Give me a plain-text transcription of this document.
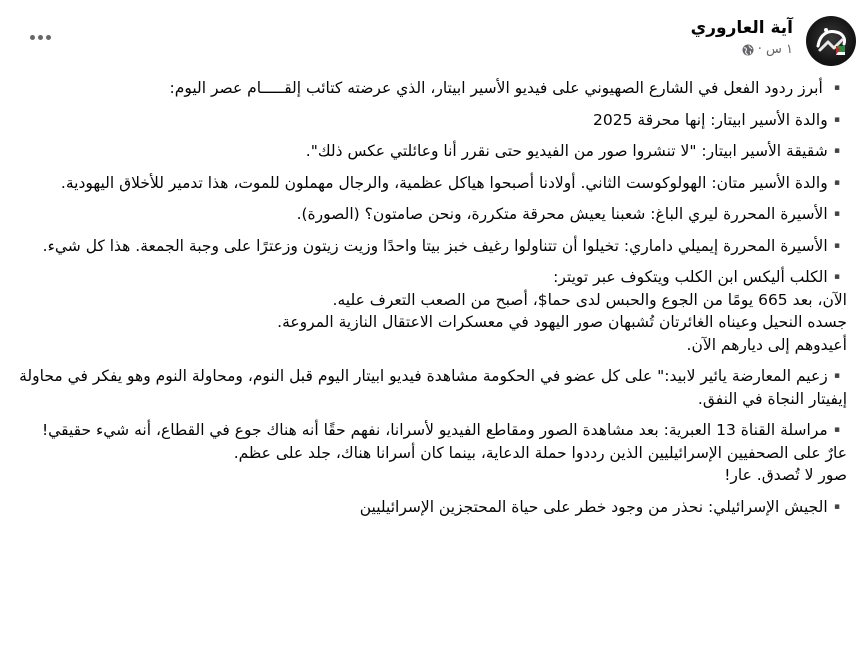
آية العاروري
١ س ·

▪️ أبرز ردود الفعل في الشارع الصهيوني على فيديو الأسير ابيتار، الذي عرضته كتائب إلقـــــام عصر اليوم:

▪️والدة الأسير ابيتار: إنها محرقة 2025

▪️شقيقة الأسير ابيتار: "لا تنشروا صور من الفيديو حتى نقرر أنا وعائلتي عكس ذلك".

▪️والدة الأسير متان: الهولوكوست الثاني. أولادنا أصبحوا هياكل عظمية، والرجال مهملون للموت، هذا تدمير للأخلاق اليهودية.

▪️الأسيرة المحررة ليري الباغ: شعبنا يعيش محرقة متكررة، ونحن صامتون؟ (الصورة).

▪️الأسيرة المحررة إيميلي داماري: تخيلوا أن تتناولوا رغيف خبز بيتا واحدًا وزيت زيتون وزعترًا على وجبة الجمعة. هذا كل شيء.

▪️الكلب أليكس ابن الكلب ويتكوف عبر تويتر:
الآن، بعد 665 يومًا من الجوع والحبس لدى حما$، أصبح من الصعب التعرف عليه.
جسده النحيل وعيناه الغائرتان تُشبهان صور اليهود في معسكرات الاعتقال النازية المروعة.
أعيدوهم إلى ديارهم الآن.

▪️زعيم المعارضة يائير لابيد:" على كل عضو في الحكومة مشاهدة فيديو ابيتار اليوم قبل النوم، ومحاولة النوم وهو يفكر في محاولة إيفيتار النجاة في النفق.

▪️مراسلة القناة 13 العبرية: بعد مشاهدة الصور ومقاطع الفيديو لأسرانا، نفهم حقًا أنه هناك جوع في القطاع، أنه شيء حقيقي! عارٌ على الصحفيين الإسرائيليين الذين رددوا حملة الدعاية، بينما كان أسرانا هناك، جلد على عظم.
صور لا تُصدق. عار!

▪️الجيش الإسرائيلي: نحذر من وجود خطر على حياة المحتجزين الإسرائيليين
